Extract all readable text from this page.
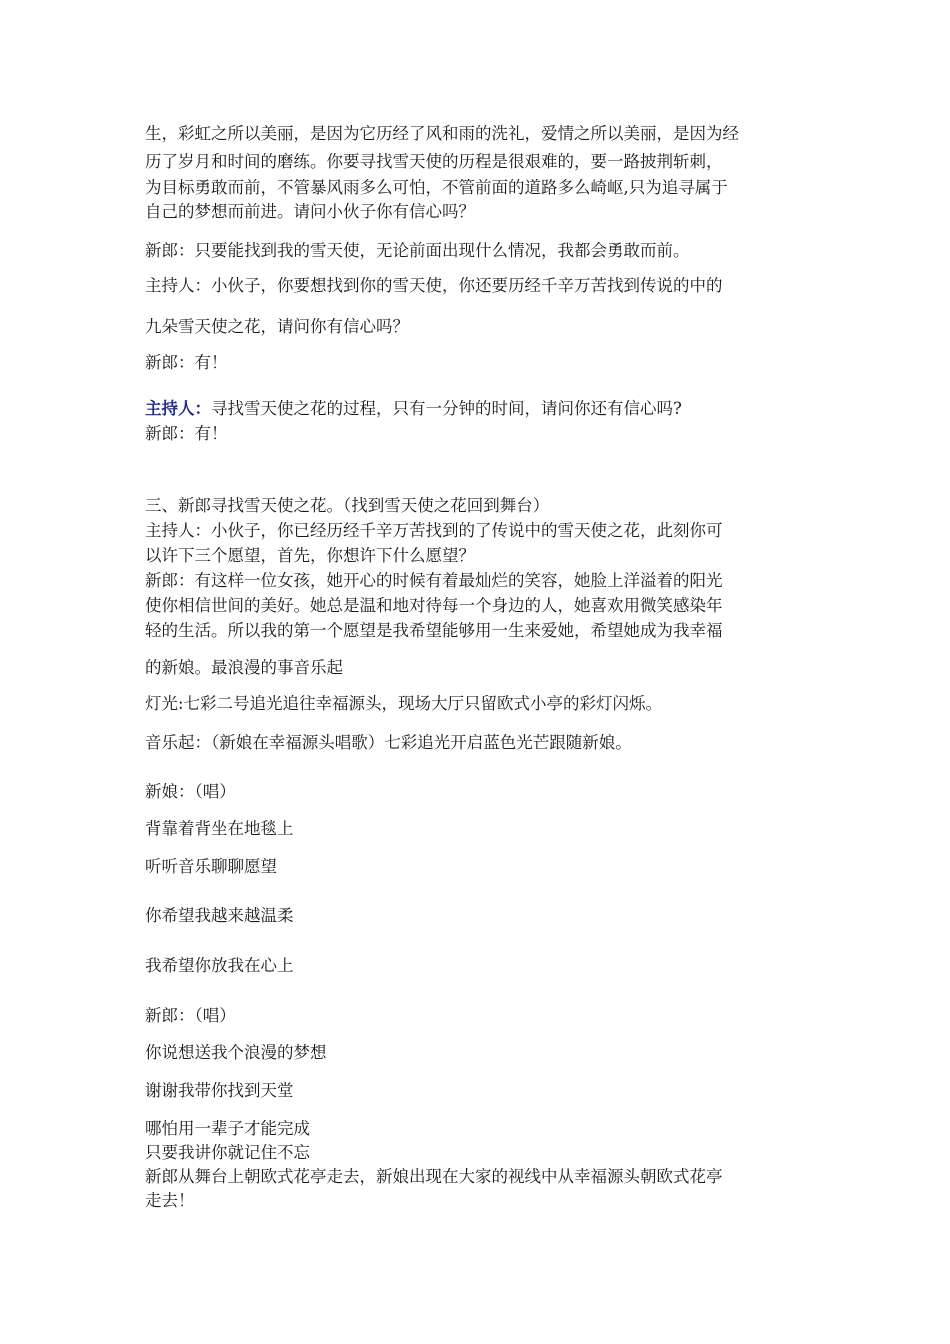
生，彩虹之所以美丽，是因为它历经了风和雨的洗礼，爱情之所以美丽，是因为经
历了岁月和时间的磨练。你要寻找雪天使的历程是很艰难的，要一路披荆斩刺，
为目标勇敢而前，不管暴风雨多么可怕，不管前面的道路多么崎岖,只为追寻属于
自己的梦想而前进。请问小伙子你有信心吗？
新郎：只要能找到我的雪天使，无论前面出现什么情况，我都会勇敢而前。
主持人：小伙子，你要想找到你的雪天使，你还要历经千辛万苦找到传说的中的
九朵雪天使之花，请问你有信心吗？
新郎：有！
主持人：寻找雪天使之花的过程，只有一分钟的时间，请问你还有信心吗?
新郎：有！
三、新郎寻找雪天使之花。（找到雪天使之花回到舞台）
主持人：小伙子，你已经历经千辛万苦找到的了传说中的雪天使之花，此刻你可
以许下三个愿望，首先，你想许下什么愿望？
新郎：有这样一位女孩，她开心的时候有着最灿烂的笑容，她脸上洋溢着的阳光
使你相信世间的美好。她总是温和地对待每一个身边的人，她喜欢用微笑感染年
轻的生活。所以我的第一个愿望是我希望能够用一生来爱她，希望她成为我幸福
的新娘。最浪漫的事音乐起
灯光:七彩二号追光追往幸福源头，现场大厅只留欧式小亭的彩灯闪烁。
音乐起：（新娘在幸福源头唱歌）七彩追光开启蓝色光芒跟随新娘。
新娘：（唱）
背靠着背坐在地毯上
听听音乐聊聊愿望
你希望我越来越温柔
我希望你放我在心上
新郎：（唱）
你说想送我个浪漫的梦想
谢谢我带你找到天堂
哪怕用一辈子才能完成
只要我讲你就记住不忘
新郎从舞台上朝欧式花亭走去，新娘出现在大家的视线中从幸福源头朝欧式花亭
走去！
